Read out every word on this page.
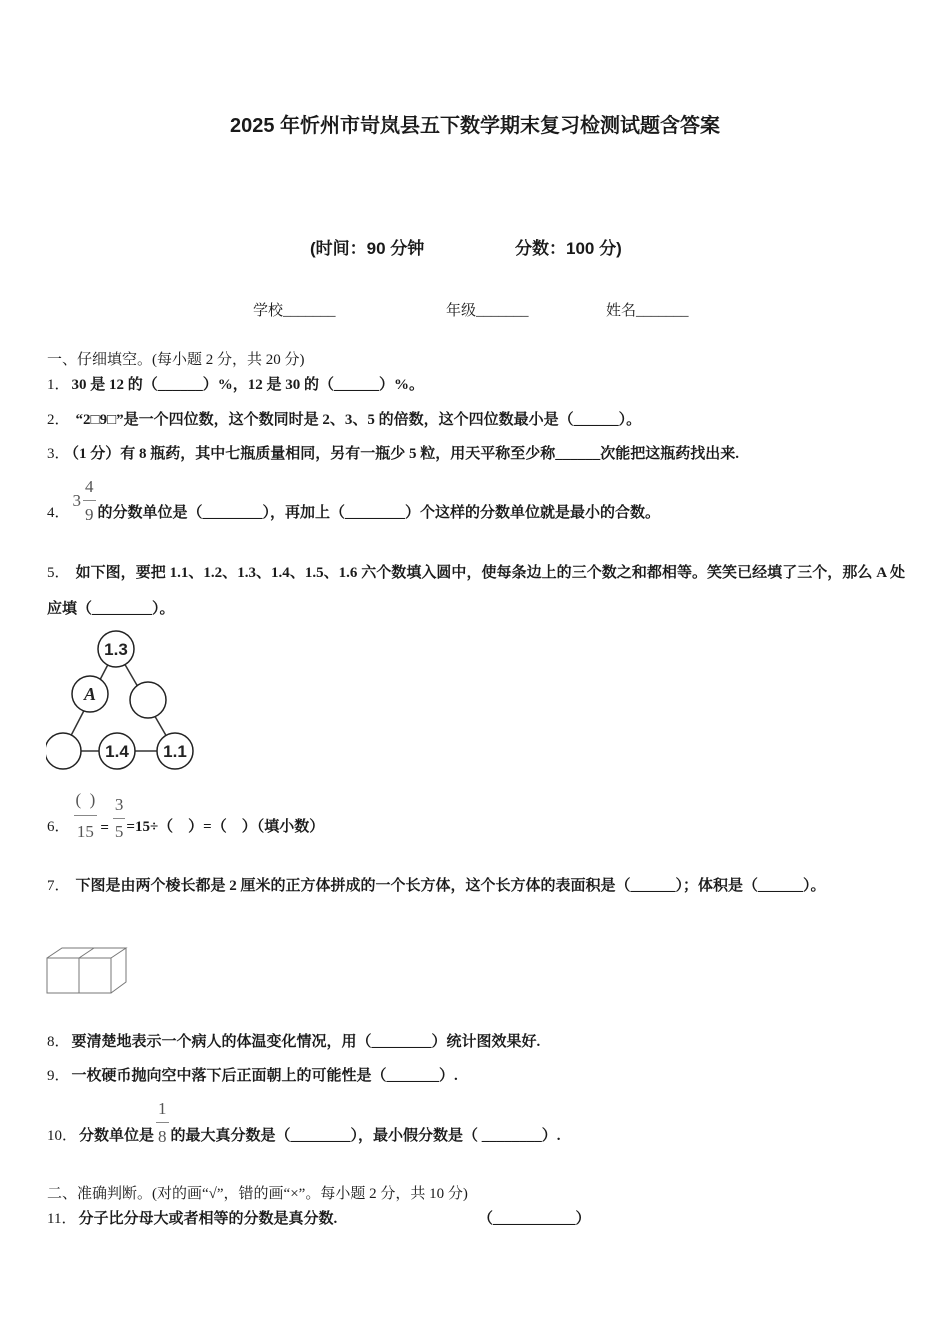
2025 年忻州市岢岚县五下数学期末复习检测试题含答案
(时间：90 分钟	分数：100 分)
学校_______	年级_______	姓名_______
一、仔细填空。(每小题 2 分，共 20 分)
1． 30 是 12 的（______）%，12 是 30 的（______）%。
2． “2□9□”是一个四位数，这个数同时是 2、3、5 的倍数，这个四位数最小是（______）。
3． （1 分）有 8 瓶药，其中七瓶质量相同，另有一瓶少 5 粒，用天平称至少称______次能把这瓶药找出来.
4．
$3 \frac{4}{9}$ 的分数单位是（________），再加上（________）个这样的分数单位就是最小的合数。
5． 如下图，要把 1.1、1.2、1.3、1.4、1.5、1.6 六个数填入圆中，使每条边上的三个数之和都相等。笑笑已经填了三个，那么 A 处应填（________）。
1.3
A
1.4 1.1
6． $\frac{( )}{15} = \frac{3}{5} =15\div$（    ）=（    ）（填小数）
7． 下图是由两个棱长都是 2 厘米的正方体拼成的一个长方体，这个长方体的表面积是（______）；体积是（______）。
8． 要清楚地表示一个病人的体温变化情况，用（________）统计图效果好.
9． 一枚硬币抛向空中落下后正面朝上的可能性是（_______）.
10． 分数单位是 $\frac{1}{8}$ 的最大真分数是（________），最小假分数是（ ________）.
二、准确判断。(对的画“√”，错的画“×”。每小题 2 分，共 10 分)
11． 分子比分母大或者相等的分数是真分数.	（___________）
